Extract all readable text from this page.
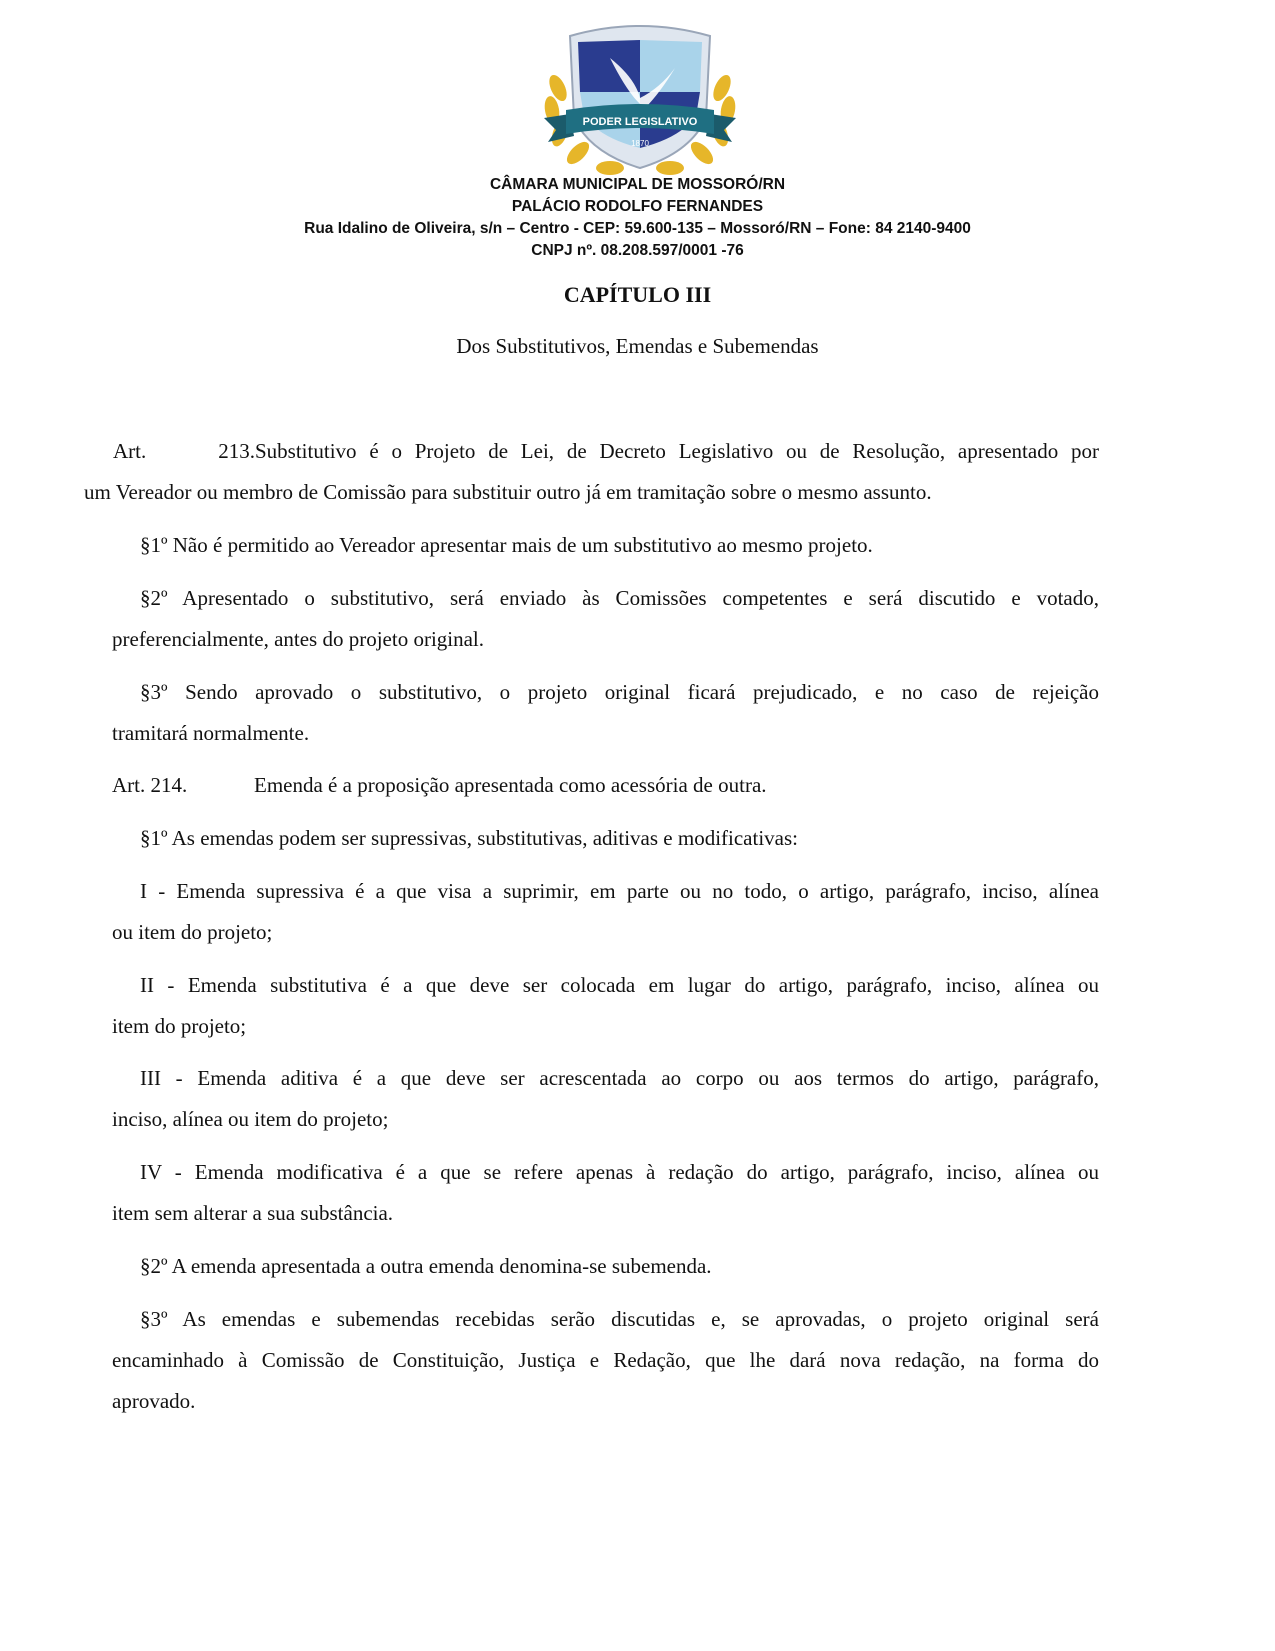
PODER LEGISLATIVO
1870
CÂMARA MUNICIPAL DE MOSSORÓ/RN
PALÁCIO RODOLFO FERNANDES
Rua Idalino de Oliveira, s/n – Centro - CEP: 59.600-135 – Mossoró/RN – Fone: 84 2140-9400
CNPJ nº. 08.208.597/0001 -76
CAPÍTULO III
Dos Substitutivos, Emendas e Subemendas
Art. 213.Substitutivo é o Projeto de Lei, de Decreto Legislativo ou de Resolução, apresentado por
um Vereador ou membro de Comissão para substituir outro já em tramitação sobre o mesmo assunto.
§1º Não é permitido ao Vereador apresentar mais de um substitutivo ao mesmo projeto.
§2º Apresentado o substitutivo, será enviado às Comissões competentes e será discutido e votado,
preferencialmente, antes do projeto original.
§3º Sendo aprovado o substitutivo, o projeto original ficará prejudicado, e no caso de rejeição
tramitará normalmente.
Art. 214.	Emenda é a proposição apresentada como acessória de outra.
§1º As emendas podem ser supressivas, substitutivas, aditivas e modificativas:
I - Emenda supressiva é a que visa a suprimir, em parte ou no todo, o artigo, parágrafo, inciso, alínea
ou item do projeto;
II - Emenda substitutiva é a que deve ser colocada em lugar do artigo, parágrafo, inciso, alínea ou
item do projeto;
III - Emenda aditiva é a que deve ser acrescentada ao corpo ou aos termos do artigo, parágrafo,
inciso, alínea ou item do projeto;
IV - Emenda modificativa é a que se refere apenas à redação do artigo, parágrafo, inciso, alínea ou
item sem alterar a sua substância.
§2º A emenda apresentada a outra emenda denomina-se subemenda.
§3º As emendas e subemendas recebidas serão discutidas e, se aprovadas, o projeto original será
encaminhado à Comissão de Constituição, Justiça e Redação, que lhe dará nova redação, na forma do
aprovado.
